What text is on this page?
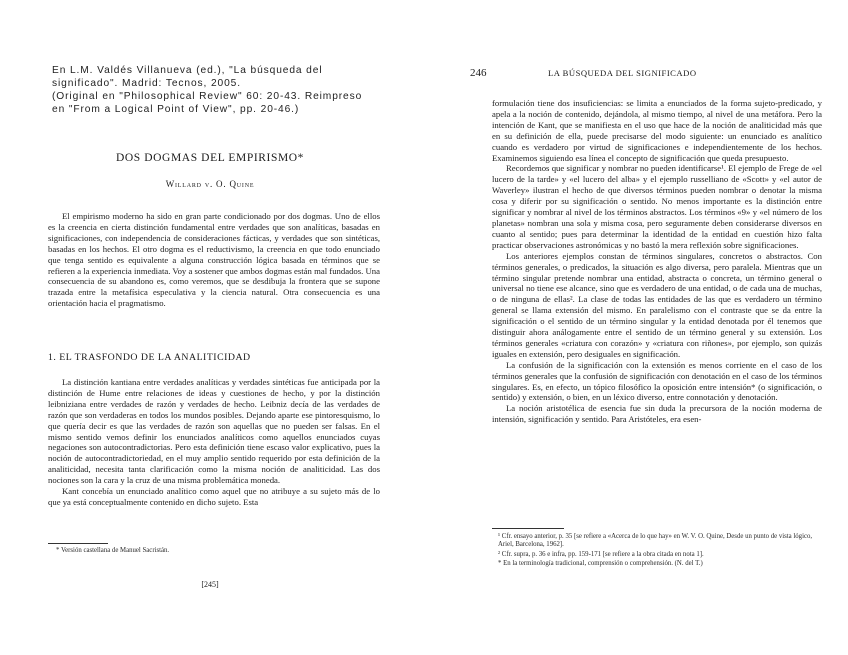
En L.M. Valdés Villanueva (ed.), "La búsqueda del
significado". Madrid: Tecnos, 2005.
(Original en "Philosophical Review" 60: 20-43. Reimpreso
en "From a Logical Point of View", pp. 20-46.)
DOS DOGMAS DEL EMPIRISMO*
Willard v. O. Quine

El empirismo moderno ha sido en gran parte condicionado por dos dogmas. Uno de ellos es la creencia en cierta distinción fundamental entre verdades que son analíticas, basadas en significaciones, con independencia de consideraciones fácticas, y verdades que son sintéticas, basadas en los hechos. El otro dogma es el reductivismo, la creencia en que todo enunciado que tenga sentido es equivalente a alguna construcción lógica basada en términos que se refieren a la experiencia inmediata. Voy a sostener que ambos dogmas están mal fundados. Una consecuencia de su abandono es, como veremos, que se desdibuja la frontera que se supone trazada entre la metafísica especulativa y la ciencia natural. Otra consecuencia es una orientación hacia el pragmatismo.

1. EL TRASFONDO DE LA ANALITICIDAD

La distinción kantiana entre verdades analíticas y verdades sintéticas fue anticipada por la distinción de Hume entre relaciones de ideas y cuestiones de hecho, y por la distinción leibniziana entre verdades de razón y verdades de hecho. Leibniz decía de las verdades de razón que son verdaderas en todos los mundos posibles. Dejando aparte ese pintoresquismo, lo que quería decir es que las verdades de razón son aquellas que no pueden ser falsas. En el mismo sentido vemos definir los enunciados analíticos como aquellos enunciados cuyas negaciones son autocontradictorias. Pero esta definición tiene escaso valor explicativo, pues la noción de autocontradictoriedad, en el muy amplio sentido requerido por esta definición de la analiticidad, necesita tanta clarificación como la misma noción de analiticidad. Las dos nociones son la cara y la cruz de una misma problemática moneda.

Kant concebía un enunciado analítico como aquel que no atribuye a su sujeto más de lo que ya está conceptualmente contenido en dicho sujeto. Esta

* Versión castellana de Manuel Sacristán.

[245]
246	LA BÚSQUEDA DEL SIGNIFICADO

formulación tiene dos insuficiencias: se limita a enunciados de la forma sujeto-predicado, y apela a la noción de contenido, dejándola, al mismo tiempo, al nivel de una metáfora. Pero la intención de Kant, que se manifiesta en el uso que hace de la noción de analiticidad más que en su definición de ella, puede precisarse del modo siguiente: un enunciado es analítico cuando es verdadero por virtud de significaciones e independientemente de los hechos. Examinemos siguiendo esa línea el concepto de significación que queda presupuesto.

Recordemos que significar y nombrar no pueden identificarse¹. El ejemplo de Frege de «el lucero de la tarde» y «el lucero del alba» y el ejemplo russelliano de «Scott» y «el autor de Waverley» ilustran el hecho de que diversos términos pueden nombrar o denotar la misma cosa y diferir por su significación o sentido. No menos importante es la distinción entre significar y nombrar al nivel de los términos abstractos. Los términos «9» y «el número de los planetas» nombran una sola y misma cosa, pero seguramente deben considerarse diversos en cuanto al sentido; pues para determinar la identidad de la entidad en cuestión hizo falta practicar observaciones astronómicas y no bastó la mera reflexión sobre significaciones.

Los anteriores ejemplos constan de términos singulares, concretos o abstractos. Con términos generales, o predicados, la situación es algo diversa, pero paralela. Mientras que un término singular pretende nombrar una entidad, abstracta o concreta, un término general o universal no tiene ese alcance, sino que es verdadero de una entidad, o de cada una de muchas, o de ninguna de ellas². La clase de todas las entidades de las que es verdadero un término general se llama extensión del mismo. En paralelismo con el contraste que se da entre la significación o el sentido de un término singular y la entidad denotada por él tenemos que distinguir ahora análogamente entre el sentido de un término general y su extensión. Los términos generales «criatura con corazón» y «criatura con riñones», por ejemplo, son quizás iguales en extensión, pero desiguales en significación.

La confusión de la significación con la extensión es menos corriente en el caso de los términos generales que la confusión de significación con denotación en el caso de los términos singulares. Es, en efecto, un tópico filosófico la oposición entre intensión* (o significación, o sentido) y extensión, o bien, en un léxico diverso, entre connotación y denotación.

La noción aristotélica de esencia fue sin duda la precursora de la noción moderna de intensión, significación y sentido. Para Aristóteles, era esen-

¹ Cfr. ensayo anterior, p. 35 [se refiere a «Acerca de lo que hay» en W. V. O. Quine, Desde un punto de vista lógico, Ariel, Barcelona, 1962].

² Cfr. supra, p. 36 e infra, pp. 159-171 [se refiere a la obra citada en nota 1].

* En la terminología tradicional, comprensión o comprehensión. (N. del T.)
